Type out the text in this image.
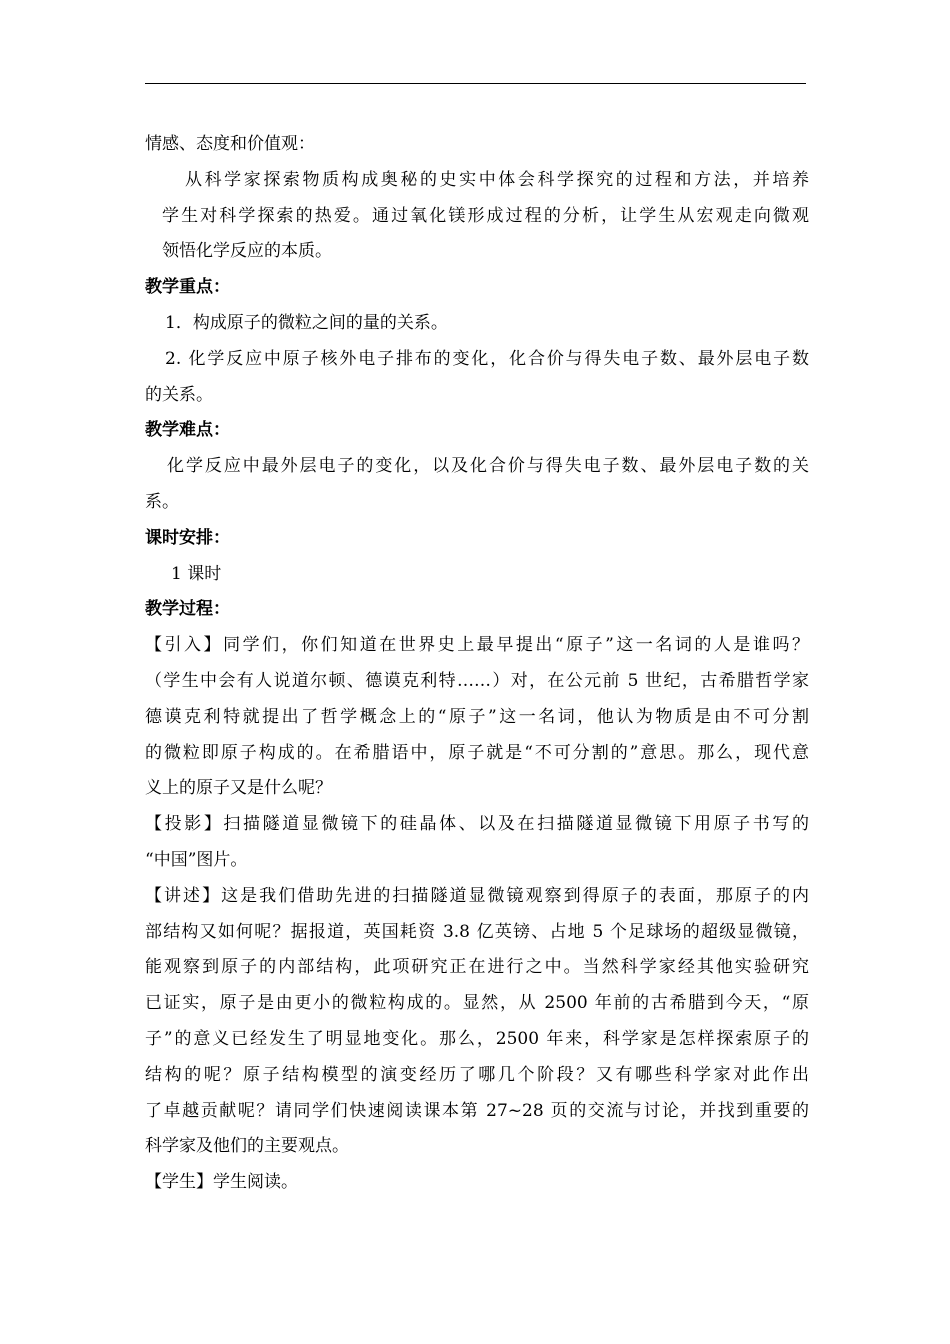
情感、态度和价值观：
从科学家探索物质构成奥秘的史实中体会科学探究的过程和方法，并培养
学生对科学探索的热爱。通过氧化镁形成过程的分析，让学生从宏观走向微观
领悟化学反应的本质。
教学重点：
1．构成原子的微粒之间的量的关系。
2. 化学反应中原子核外电子排布的变化，化合价与得失电子数、最外层电子数
的关系。
教学难点：
化学反应中最外层电子的变化，以及化合价与得失电子数、最外层电子数的关
系。
课时安排：
1 课时
教学过程：
【引入】同学们，你们知道在世界史上最早提出“原子”这一名词的人是谁吗？
（学生中会有人说道尔顿、德谟克利特……）对，在公元前 5 世纪，古希腊哲学家
德谟克利特就提出了哲学概念上的“原子”这一名词，他认为物质是由不可分割
的微粒即原子构成的。在希腊语中，原子就是“不可分割的”意思。那么，现代意
义上的原子又是什么呢？
【投影】扫描隧道显微镜下的硅晶体、以及在扫描隧道显微镜下用原子书写的
“中国”图片。
【讲述】这是我们借助先进的扫描隧道显微镜观察到得原子的表面，那原子的内
部结构又如何呢？据报道，英国耗资 3.8 亿英镑、占地 5 个足球场的超级显微镜，
能观察到原子的内部结构，此项研究正在进行之中。当然科学家经其他实验研究
已证实，原子是由更小的微粒构成的。显然，从 2500 年前的古希腊到今天，“原
子”的意义已经发生了明显地变化。那么，2500 年来，科学家是怎样探索原子的
结构的呢？原子结构模型的演变经历了哪几个阶段？又有哪些科学家对此作出
了卓越贡献呢？请同学们快速阅读课本第 27~28 页的交流与讨论，并找到重要的
科学家及他们的主要观点。
【学生】学生阅读。
